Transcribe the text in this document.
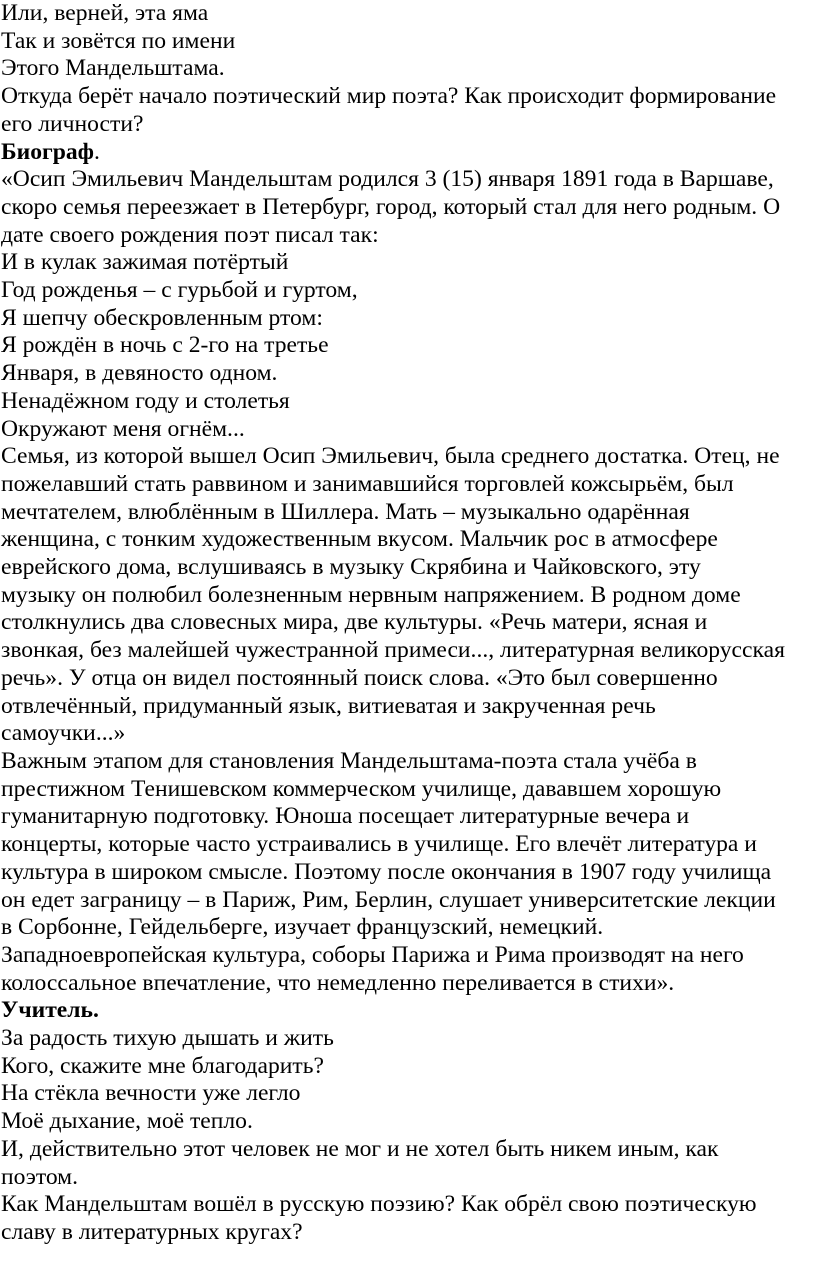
Или, верней, эта яма
Так и зовётся по имени
Этого Мандельштама.
Откуда берёт начало поэтический мир поэта? Как происходит формирование
его личности?
Биограф.
«Осип Эмильевич Мандельштам родился 3 (15) января 1891 года в Варшаве,
скоро семья переезжает в Петербург, город, который стал для него родным. О
дате своего рождения поэт писал так:
И в кулак зажимая потёртый
Год рожденья – с гурьбой и гуртом,
Я шепчу обескровленным ртом:
Я рождён в ночь с 2-го на третье
Января, в девяносто одном.
Ненадёжном году и столетья
Окружают меня огнём...
Семья, из которой вышел Осип Эмильевич, была среднего достатка. Отец, не
пожелавший стать раввином и занимавшийся торговлей кожсырьём, был
мечтателем, влюблённым в Шиллера. Мать – музыкально одарённая
женщина, с тонким художественным вкусом. Мальчик рос в атмосфере
еврейского дома, вслушиваясь в музыку Скрябина и Чайковского, эту
музыку он полюбил болезненным нервным напряжением. В родном доме
столкнулись два словесных мира, две культуры. «Речь матери, ясная и
звонкая, без малейшей чужестранной примеси..., литературная великорусская
речь». У отца он видел постоянный поиск слова. «Это был совершенно
отвлечённый, придуманный язык, витиеватая и закрученная речь
самоучки...»
Важным этапом для становления Мандельштама-поэта стала учёба в
престижном Тенишевском коммерческом училище, дававшем хорошую
гуманитарную подготовку. Юноша посещает литературные вечера и
концерты, которые часто устраивались в училище. Его влечёт литература и
культура в широком смысле. Поэтому после окончания в 1907 году училища
он едет заграницу – в Париж, Рим, Берлин, слушает университетские лекции
в Сорбонне, Гейдельберге, изучает французский, немецкий.
Западноевропейская культура, соборы Парижа и Рима производят на него
колоссальное впечатление, что немедленно переливается в стихи».
Учитель.
За радость тихую дышать и жить
Кого, скажите мне благодарить?
На стёкла вечности уже легло
Моё дыхание, моё тепло.
И, действительно этот человек не мог и не хотел быть никем иным, как
поэтом.
Как Мандельштам вошёл в русскую поэзию? Как обрёл свою поэтическую
славу в литературных кругах?
